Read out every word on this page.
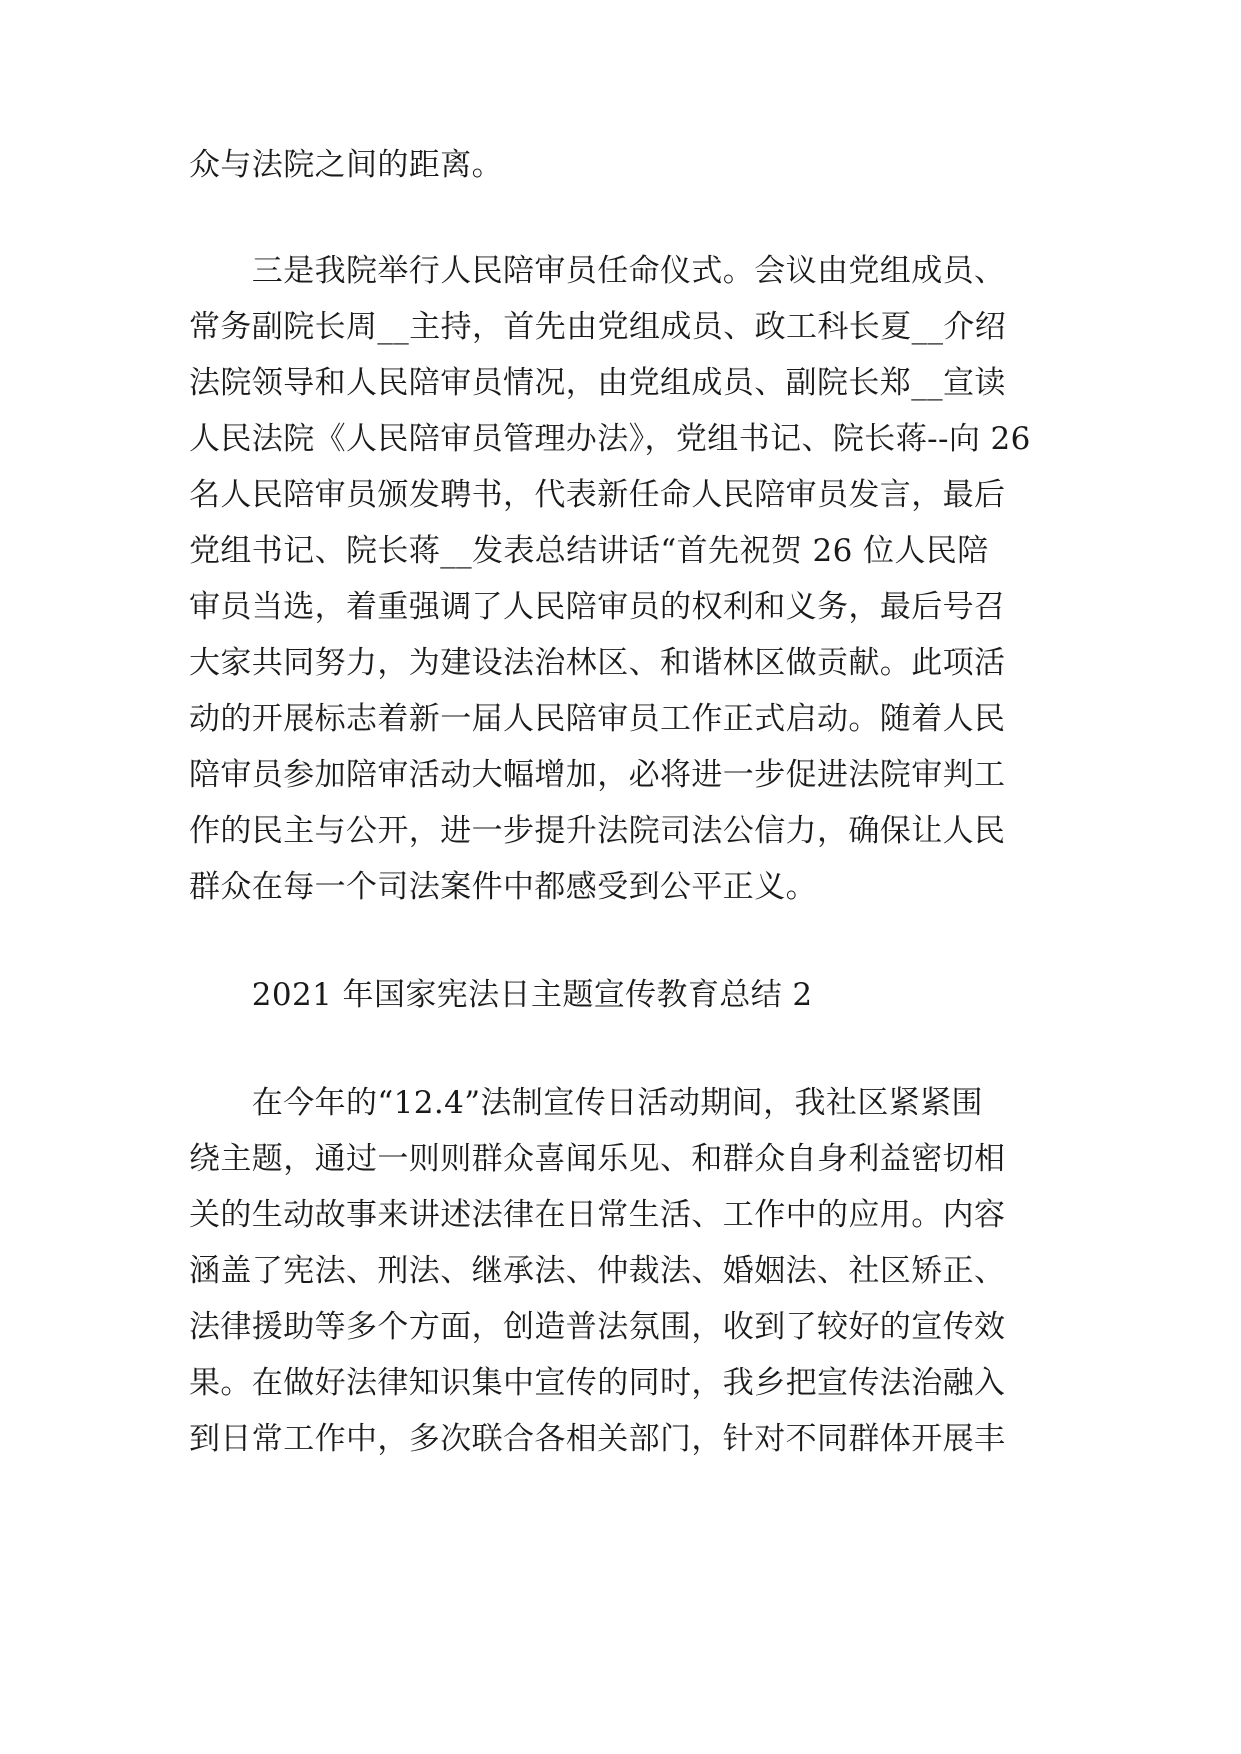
众与法院之间的距离。
　　三是我院举行人民陪审员任命仪式。会议由党组成员、
常务副院长周__主持，首先由党组成员、政工科长夏__介绍
法院领导和人民陪审员情况，由党组成员、副院长郑__宣读
人民法院《人民陪审员管理办法》，党组书记、院长蒋--向 26
名人民陪审员颁发聘书，代表新任命人民陪审员发言，最后
党组书记、院长蒋__发表总结讲话“首先祝贺 26 位人民陪
审员当选，着重强调了人民陪审员的权利和义务，最后号召
大家共同努力，为建设法治林区、和谐林区做贡献。此项活
动的开展标志着新一届人民陪审员工作正式启动。随着人民
陪审员参加陪审活动大幅增加，必将进一步促进法院审判工
作的民主与公开，进一步提升法院司法公信力，确保让人民
群众在每一个司法案件中都感受到公平正义。
　　2021 年国家宪法日主题宣传教育总结 2
　　在今年的“12.4”法制宣传日活动期间，我社区紧紧围
绕主题，通过一则则群众喜闻乐见、和群众自身利益密切相
关的生动故事来讲述法律在日常生活、工作中的应用。内容
涵盖了宪法、刑法、继承法、仲裁法、婚姻法、社区矫正、
法律援助等多个方面，创造普法氛围，收到了较好的宣传效
果。在做好法律知识集中宣传的同时，我乡把宣传法治融入
到日常工作中，多次联合各相关部门，针对不同群体开展丰
